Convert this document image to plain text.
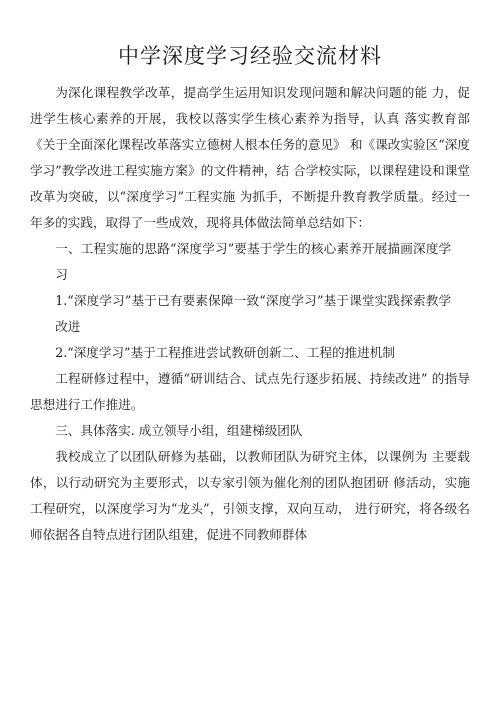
中学深度学习经验交流材料

为深化课程教学改革，提高学生运用知识发现问题和解决问题的能 力，促进学生核心素养的开展，我校以落实学生核心素养为指导，认真 落实教育部《关于全面深化课程改革落实立德树人根本任务的意见》 和《课改实验区“深度学习”教学改进工程实施方案》的文件精神，结 合学校实际，以课程建设和课堂改革为突破，以“深度学习”工程实施 为抓手，不断提升教育教学质量。经过一年多的实践，取得了一些成效，现将具体做法简单总结如下：

一、工程实施的思路“深度学习”要基于学生的核心素养开展描画深度学习

1.“深度学习”基于已有要素保障一致“深度学习”基于课堂实践探索教学改进

2.“深度学习”基于工程推进尝试教研创新二、工程的推进机制

工程研修过程中，遵循“研训结合、试点先行逐步拓展、持续改进” 的指导思想进行工作推进。

三、具体落实. 成立领导小组，组建梯级团队

我校成立了以团队研修为基础，以教师团队为研究主体，以课例为 主要载体，以行动研究为主要形式，以专家引领为催化剂的团队抱团研 修活动，实施工程研究，以深度学习为“龙头”，引领支撑，双向互动， 进行研究，将各级名师依据各自特点进行团队组建，促进不同教师群体
